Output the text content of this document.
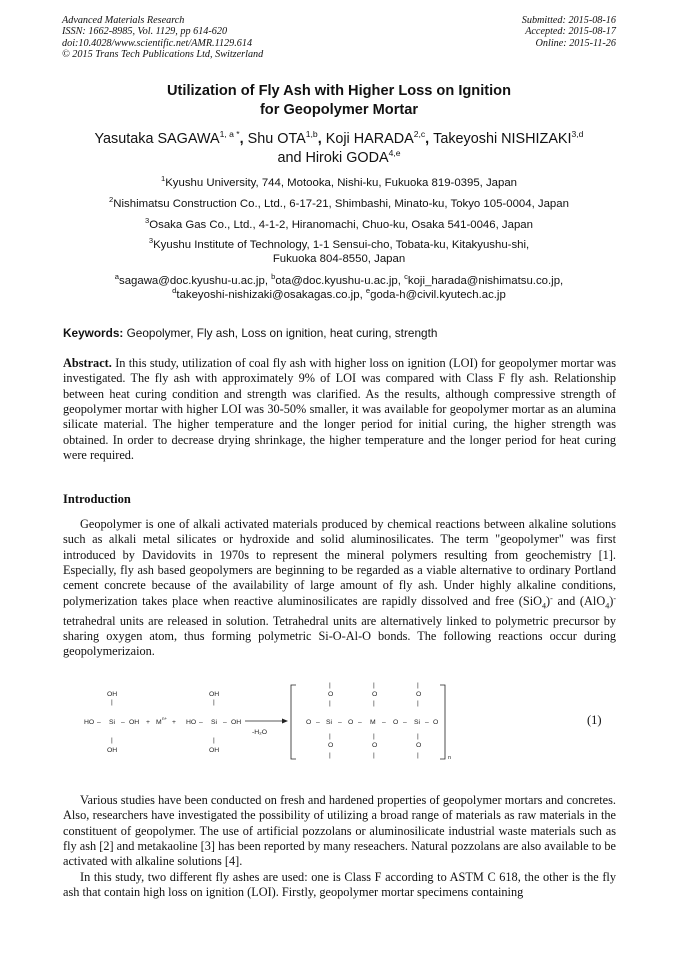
Advanced Materials Research
ISSN: 1662-8985, Vol. 1129, pp 614-620
doi:10.4028/www.scientific.net/AMR.1129.614
© 2015 Trans Tech Publications Ltd, Switzerland
Submitted: 2015-08-16
Accepted: 2015-08-17
Online: 2015-11-26
Utilization of Fly Ash with Higher Loss on Ignition
for Geopolymer Mortar
Yasutaka $SAGAWA^{1, a *}$, Shu OTA$^{1,b}$, Koji HARADA$^{2,c}$, Takeyoshi NISHIZAKI$^{3,d}$
and Hiroki GODA$^{4,e}$
$^1$Kyushu University, 744, Motooka, Nishi-ku, Fukuoka 819-0395, Japan
$^2$Nishimatsu Construction Co., Ltd., 6-17-21, Shimbashi, Minato-ku, Tokyo 105-0004, Japan
$^3$Osaka Gas Co., Ltd., 4-1-2, Hiranomachi, Chuo-ku, Osaka 541-0046, Japan
$^3$Kyushu Institute of Technology, 1-1 Sensui-cho, Tobata-ku, Kitakyushu-shi,
Fukuoka 804-8550, Japan
$^a$sagawa@doc.kyushu-u.ac.jp, $^b$ota@doc.kyushu-u.ac.jp, $^c$koji_harada@nishimatsu.co.jp,
$^d$takeyoshi-nishizaki@osakagas.co.jp, $^e$goda-h@civil.kyutech.ac.jp
Keywords: Geopolymer, Fly ash, Loss on ignition, heat curing, strength
Abstract. In this study, utilization of coal fly ash with higher loss on ignition (LOI) for geopolymer mortar was investigated. The fly ash with approximately 9% of LOI was compared with Class F fly ash. Relationship between heat curing condition and strength was clarified. As the results, although compressive strength of geopolymer mortar with higher LOI was 30-50% smaller, it was available for geopolymer mortar as an alumina silicate material. The higher temperature and the longer period for initial curing, the higher strength was obtained. In order to decrease drying shrinkage, the higher temperature and the longer period for heat curing were required.
Introduction
Geopolymer is one of alkali activated materials produced by chemical reactions between alkaline solutions such as alkali metal silicates or hydroxide and solid aluminosilicates. The term "geopolymer" was first introduced by Davidovits in 1970s to represent the mineral polymers resulting from geochemistry [1]. Especially, fly ash based geopolymers are beginning to be regarded as a viable alternative to ordinary Portland cement concrete because of the availability of large amount of fly ash. Under highly alkaline conditions, polymerization takes place when reactive aluminosilicates are rapidly dissolved and free (SiO$_4$)- and (AlO$_4$)- tetrahedral units are released in solution. Tetrahedral units are alternatively linked to polymetric precursor by sharing oxygen atom, thus forming polymetric Si-O-Al-O bonds. The following reactions occur during geopolymerizaion.
OH
|
HO – Si – OH
|
OH
+ M
n+
+
OH
|
HO – Si – OH
|
OH
-H₂O
n
|
O
|
|
O
|
|
O
|
O – Si – O – M – O – Si – O
|
O
|
|
O
|
|
O
|
(1)
Various studies have been conducted on fresh and hardened properties of geopolymer mortars and concretes. Also, researchers have investigated the possibility of utilizing a broad range of materials as raw materials in the constituent of geopolymer. The use of artificial pozzolans or aluminosilicate industrial waste materials such as fly ash [2] and metakaoline [3] has been reported by many reseachers. Natural pozzolans are also available to be activated with alkaline solutions [4].
In this study, two different fly ashes are used: one is Class F according to ASTM C 618, the other is the fly ash that contain high loss on ignition (LOI). Firstly, geopolymer mortar specimens containing
